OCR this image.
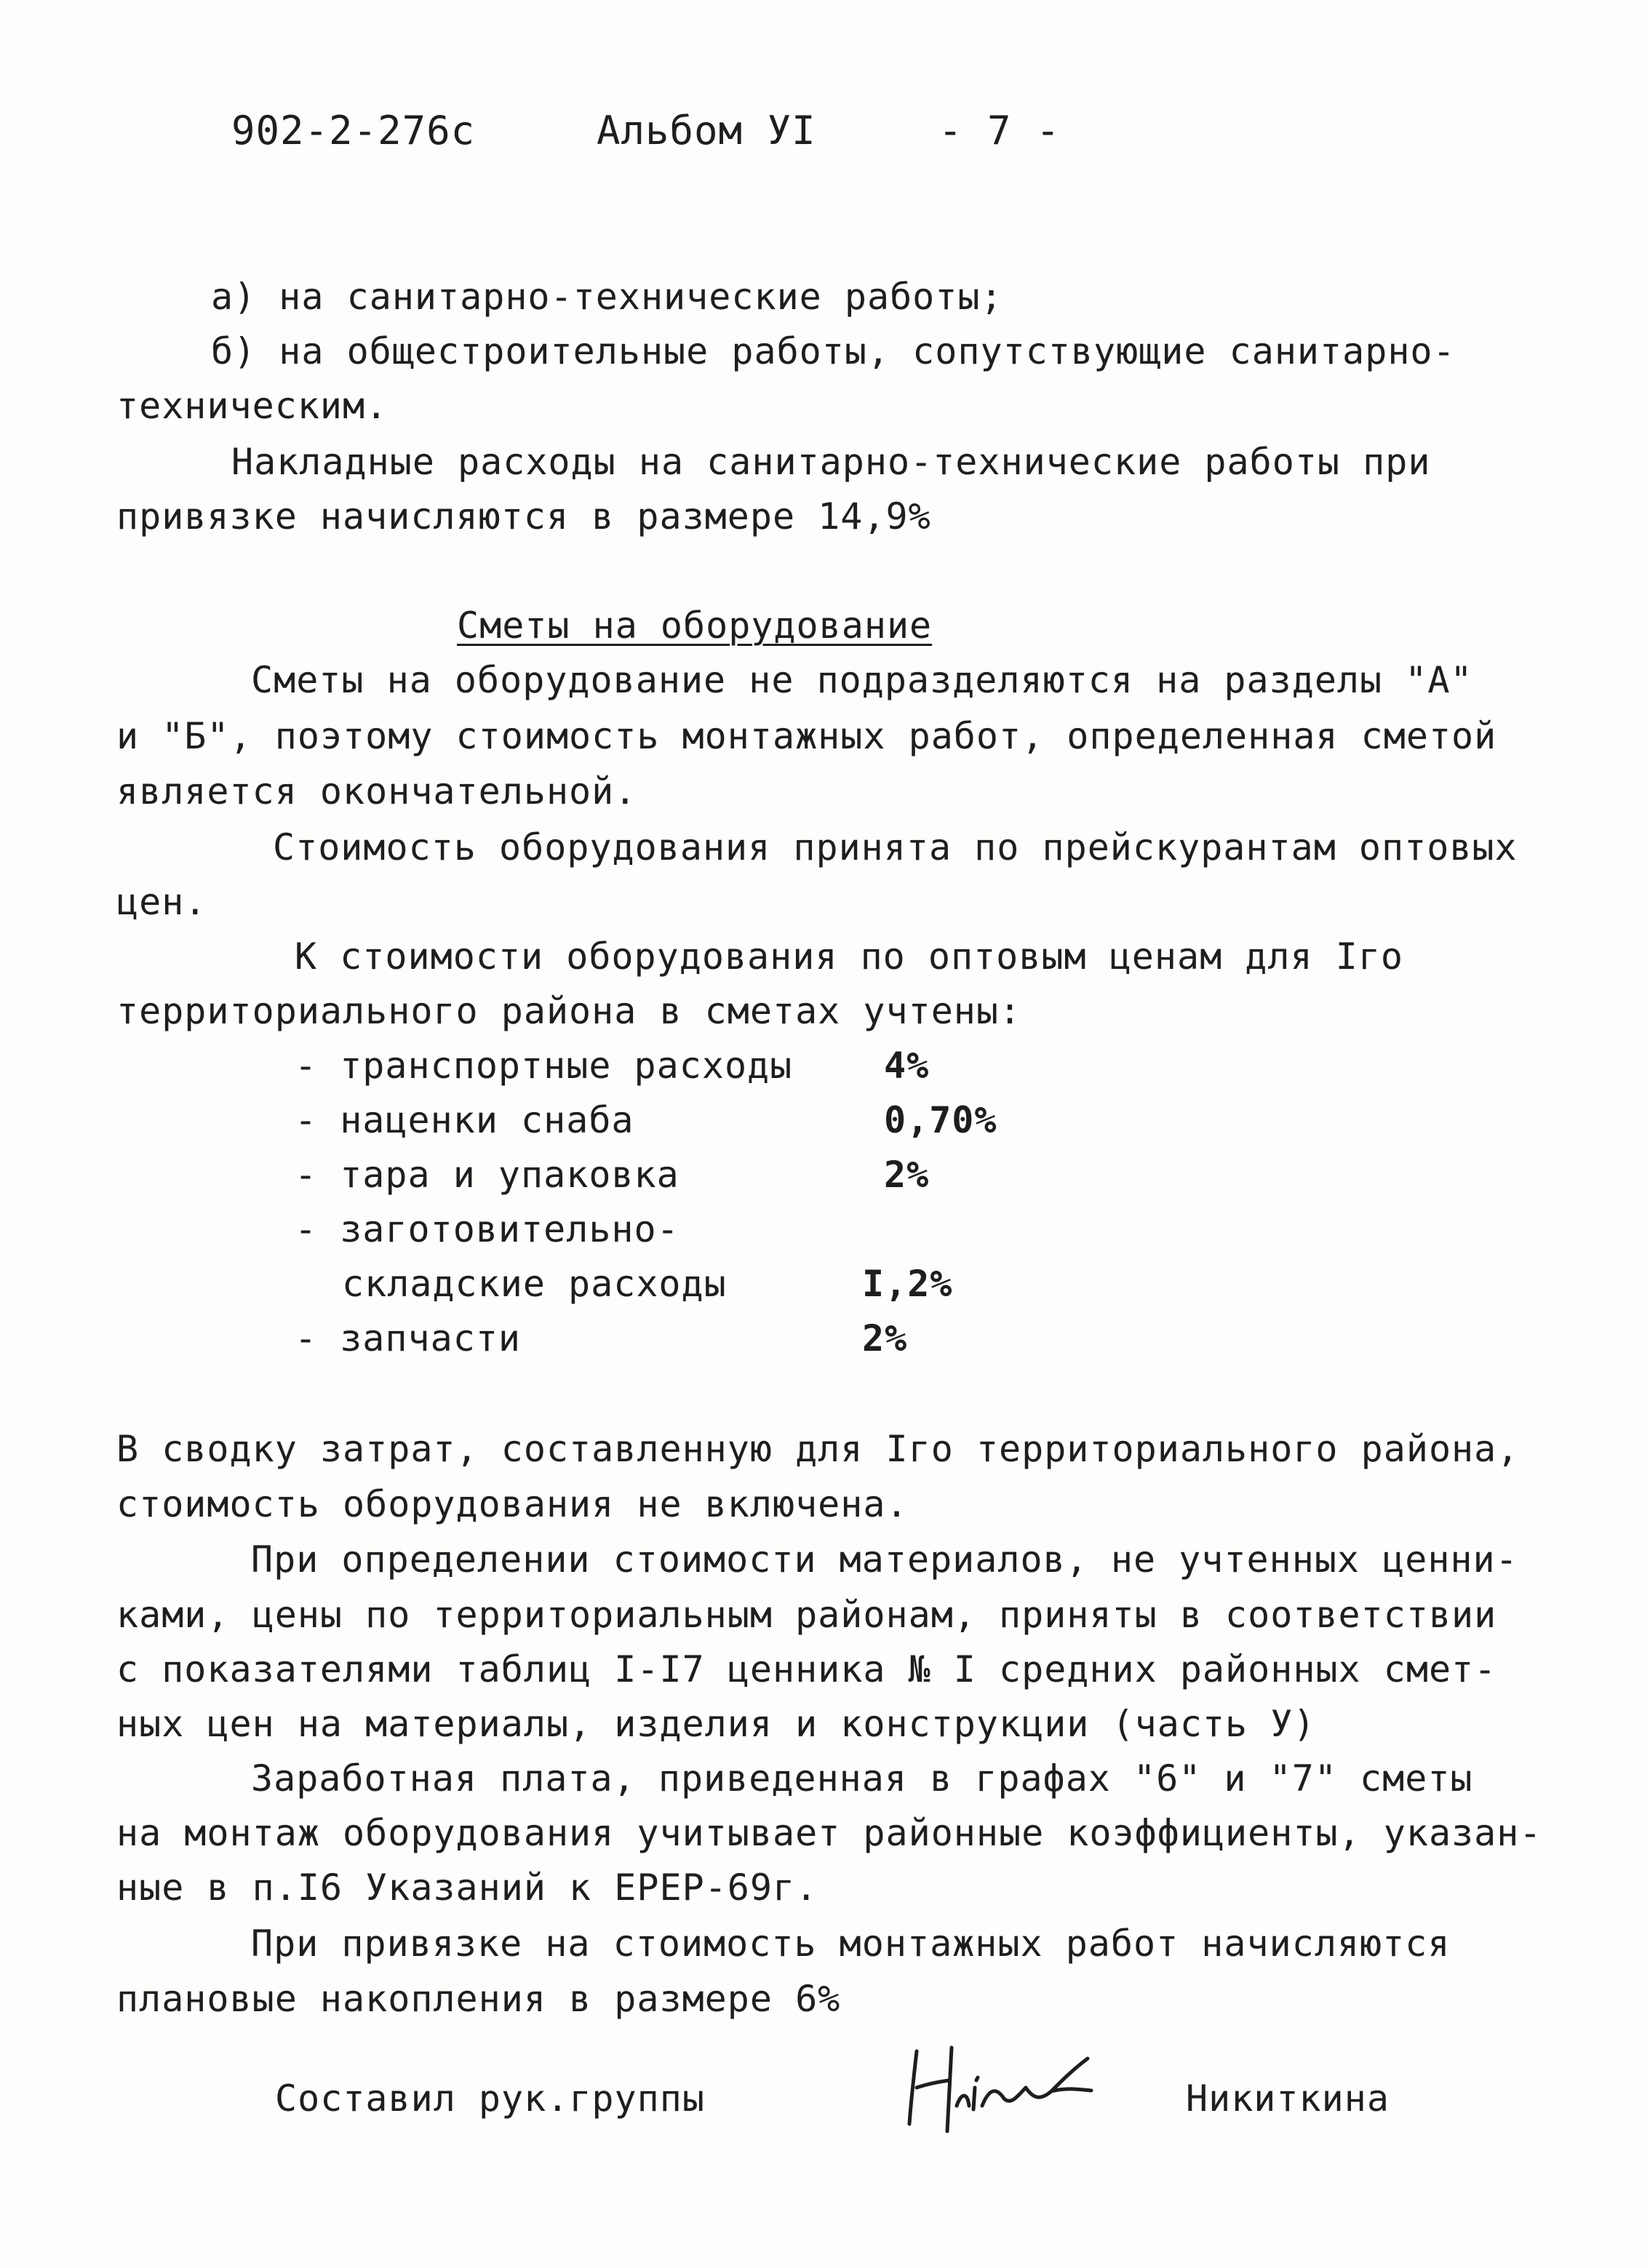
902-2-276с	Альбом УI	- 7 -
а) на санитарно-технические работы;
б) на общестроительные работы, сопутствующие санитарно-
техническим.
Накладные расходы на санитарно-технические работы при
привязке начисляются в размере 14,9%
Сметы на оборудование
Сметы на оборудование не подразделяются на разделы "А"
и "Б", поэтому стоимость монтажных работ, определенная сметой
является окончательной.
Стоимость оборудования принята по прейскурантам оптовых
цен.
К стоимости оборудования по оптовым ценам для Iго
территориального района в сметах учтены:
- транспортные расходы	4%
- наценки снаба	0,70%
- тара и упаковка	2%
- заготовительно-
складские расходы	I,2%
- запчасти	2%
В сводку затрат, составленную для Iго территориального района,
стоимость оборудования не включена.
При определении стоимости материалов, не учтенных ценни-
ками, цены по территориальным районам, приняты в соответствии
с показателями таблиц I-I7 ценника № I средних районных смет-
ных цен на материалы, изделия и конструкции (часть У)
Заработная плата, приведенная в графах "6" и "7" сметы
на монтаж оборудования учитывает районные коэффициенты, указан-
ные в п.I6 Указаний к ЕРЕР-69г.
При привязке на стоимость монтажных работ начисляются
плановые накопления в размере 6%
Составил рук.группы	Никиткина
